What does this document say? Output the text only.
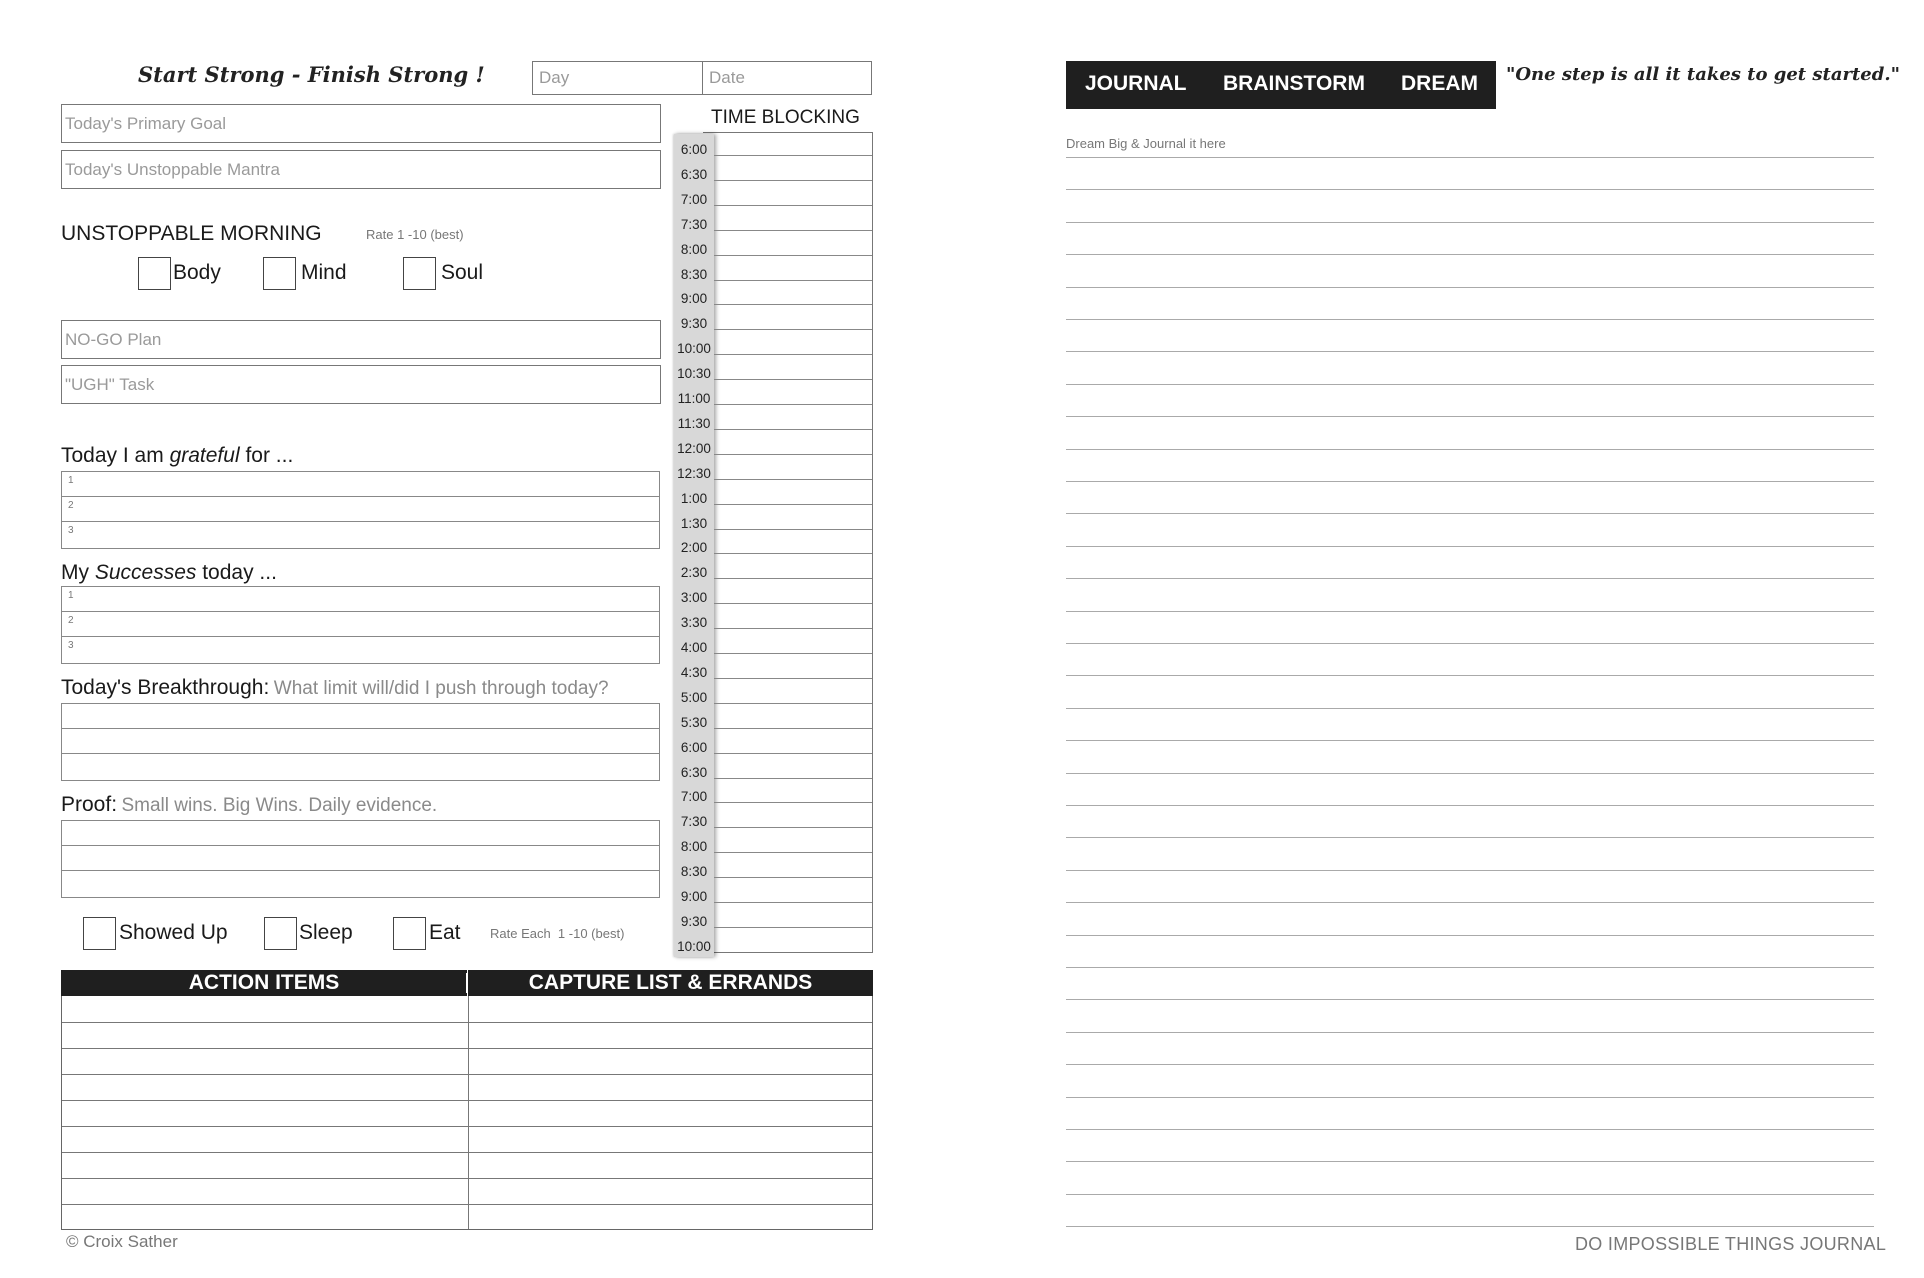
Start Strong - Finish Strong !	Day	Date
Today's Primary Goal
Today's Unstoppable Mantra
UNSTOPPABLE MORNING	Rate 1 -10 (best)
Body	Mind	Soul
NO-GO Plan
"UGH" Task
Today I am grateful for ...
1
2
3
My Successes today ...
1
2
3
Today's Breakthrough: What limit will/did I push through today?
Proof: Small wins. Big Wins. Daily evidence.
Showed Up	Sleep	Eat Rate Each  1 -10 (best)
ACTION ITEMS	CAPTURE LIST & ERRANDS
© Croix Sather
TIME BLOCKING
6:00
6:30
7:00
7:30
8:00
8:30
9:00
9:30
10:00
10:30
11:00
11:30
12:00
12:30
1:00
1:30
2:00
2:30
3:00
3:30
4:00
4:30
5:00
5:30
6:00
6:30
7:00
7:30
8:00
8:30
9:00
9:30
10:00
JOURNAL BRAINSTORM DREAM "One step is all it takes to get started."
Dream Big & Journal it here
DO IMPOSSIBLE THINGS JOURNAL
